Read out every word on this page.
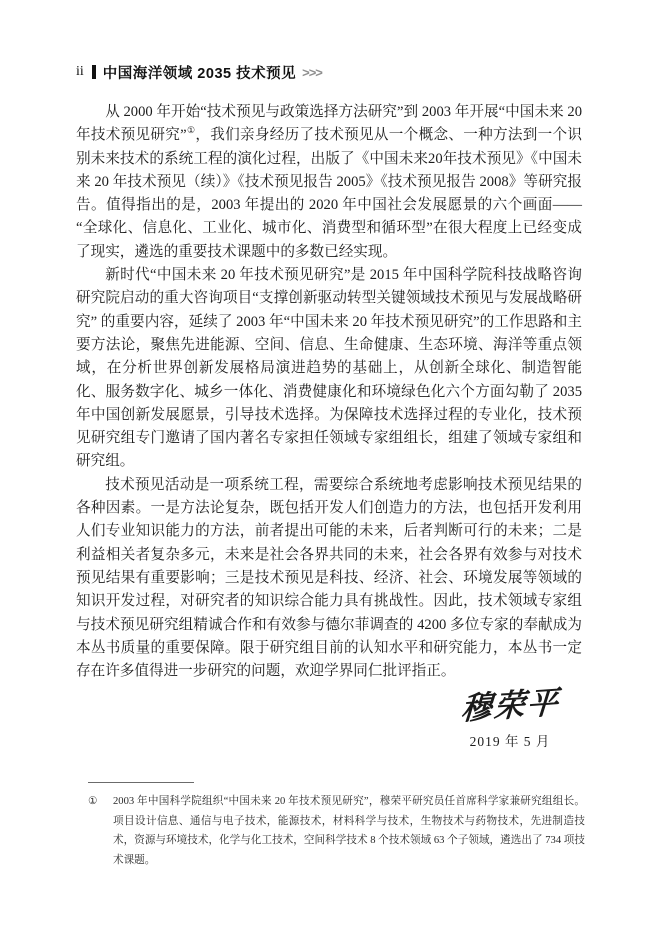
ii 中国海洋领域 2035 技术预见 >>>

从 2000 年开始“技术预见与政策选择方法研究”到 2003 年开展“中国未来 20 年技术预见研究”①，我们亲身经历了技术预见从一个概念、一种方法到一个识别未来技术的系统工程的演化过程，出版了《中国未来20年技术预见》《中国未来 20 年技术预见（续）》《技术预见报告 2005》《技术预见报告 2008》等研究报告。值得指出的是，2003 年提出的 2020 年中国社会发展愿景的六个画面——“全球化、信息化、工业化、城市化、消费型和循环型”在很大程度上已经变成了现实，遴选的重要技术课题中的多数已经实现。

新时代“中国未来 20 年技术预见研究”是 2015 年中国科学院科技战略咨询研究院启动的重大咨询项目“支撑创新驱动转型关键领域技术预见与发展战略研究” 的重要内容，延续了 2003 年“中国未来 20 年技术预见研究”的工作思路和主要方法论，聚焦先进能源、空间、信息、生命健康、生态环境、海洋等重点领域，在分析世界创新发展格局演进趋势的基础上，从创新全球化、制造智能化、服务数字化、城乡一体化、消费健康化和环境绿色化六个方面勾勒了 2035 年中国创新发展愿景，引导技术选择。为保障技术选择过程的专业化，技术预见研究组专门邀请了国内著名专家担任领域专家组组长，组建了领域专家组和研究组。

技术预见活动是一项系统工程，需要综合系统地考虑影响技术预见结果的各种因素。一是方法论复杂，既包括开发人们创造力的方法，也包括开发利用人们专业知识能力的方法，前者提出可能的未来，后者判断可行的未来；二是利益相关者复杂多元，未来是社会各界共同的未来，社会各界有效参与对技术预见结果有重要影响；三是技术预见是科技、经济、社会、环境发展等领域的知识开发过程，对研究者的知识综合能力具有挑战性。因此，技术领域专家组与技术预见研究组精诚合作和有效参与德尔菲调查的 4200 多位专家的奉献成为本丛书质量的重要保障。限于研究组目前的认知水平和研究能力，本丛书一定存在许多值得进一步研究的问题，欢迎学界同仁批评指正。

穆荣平
2019 年 5 月
①	2003 年中国科学院组织“中国未来 20 年技术预见研究”，穆荣平研究员任首席科学家兼研究组组长。项目设计信息、通信与电子技术，能源技术，材料科学与技术，生物技术与药物技术，先进制造技术，资源与环境技术，化学与化工技术，空间科学技术 8 个技术领域 63 个子领域，遴选出了 734 项技术课题。
